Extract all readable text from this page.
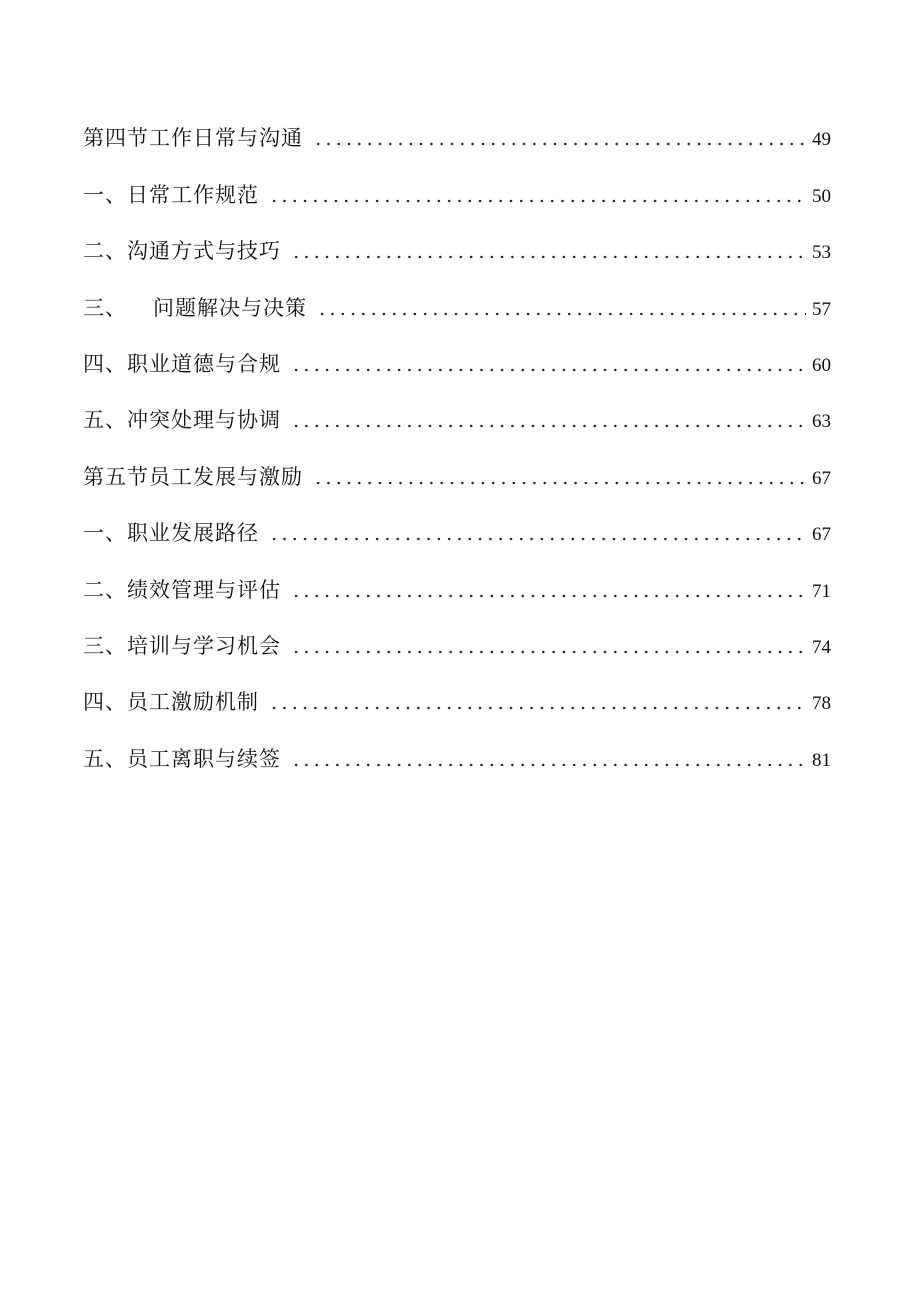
第四节工作日常与沟通	49
一、日常工作规范	50
二、沟通方式与技巧	53
三、 问题解决与决策	57
四、职业道德与合规	60
五、冲突处理与协调	63
第五节员工发展与激励	67
一、职业发展路径	67
二、绩效管理与评估	71
三、培训与学习机会	74
四、员工激励机制	78
五、员工离职与续签	81
